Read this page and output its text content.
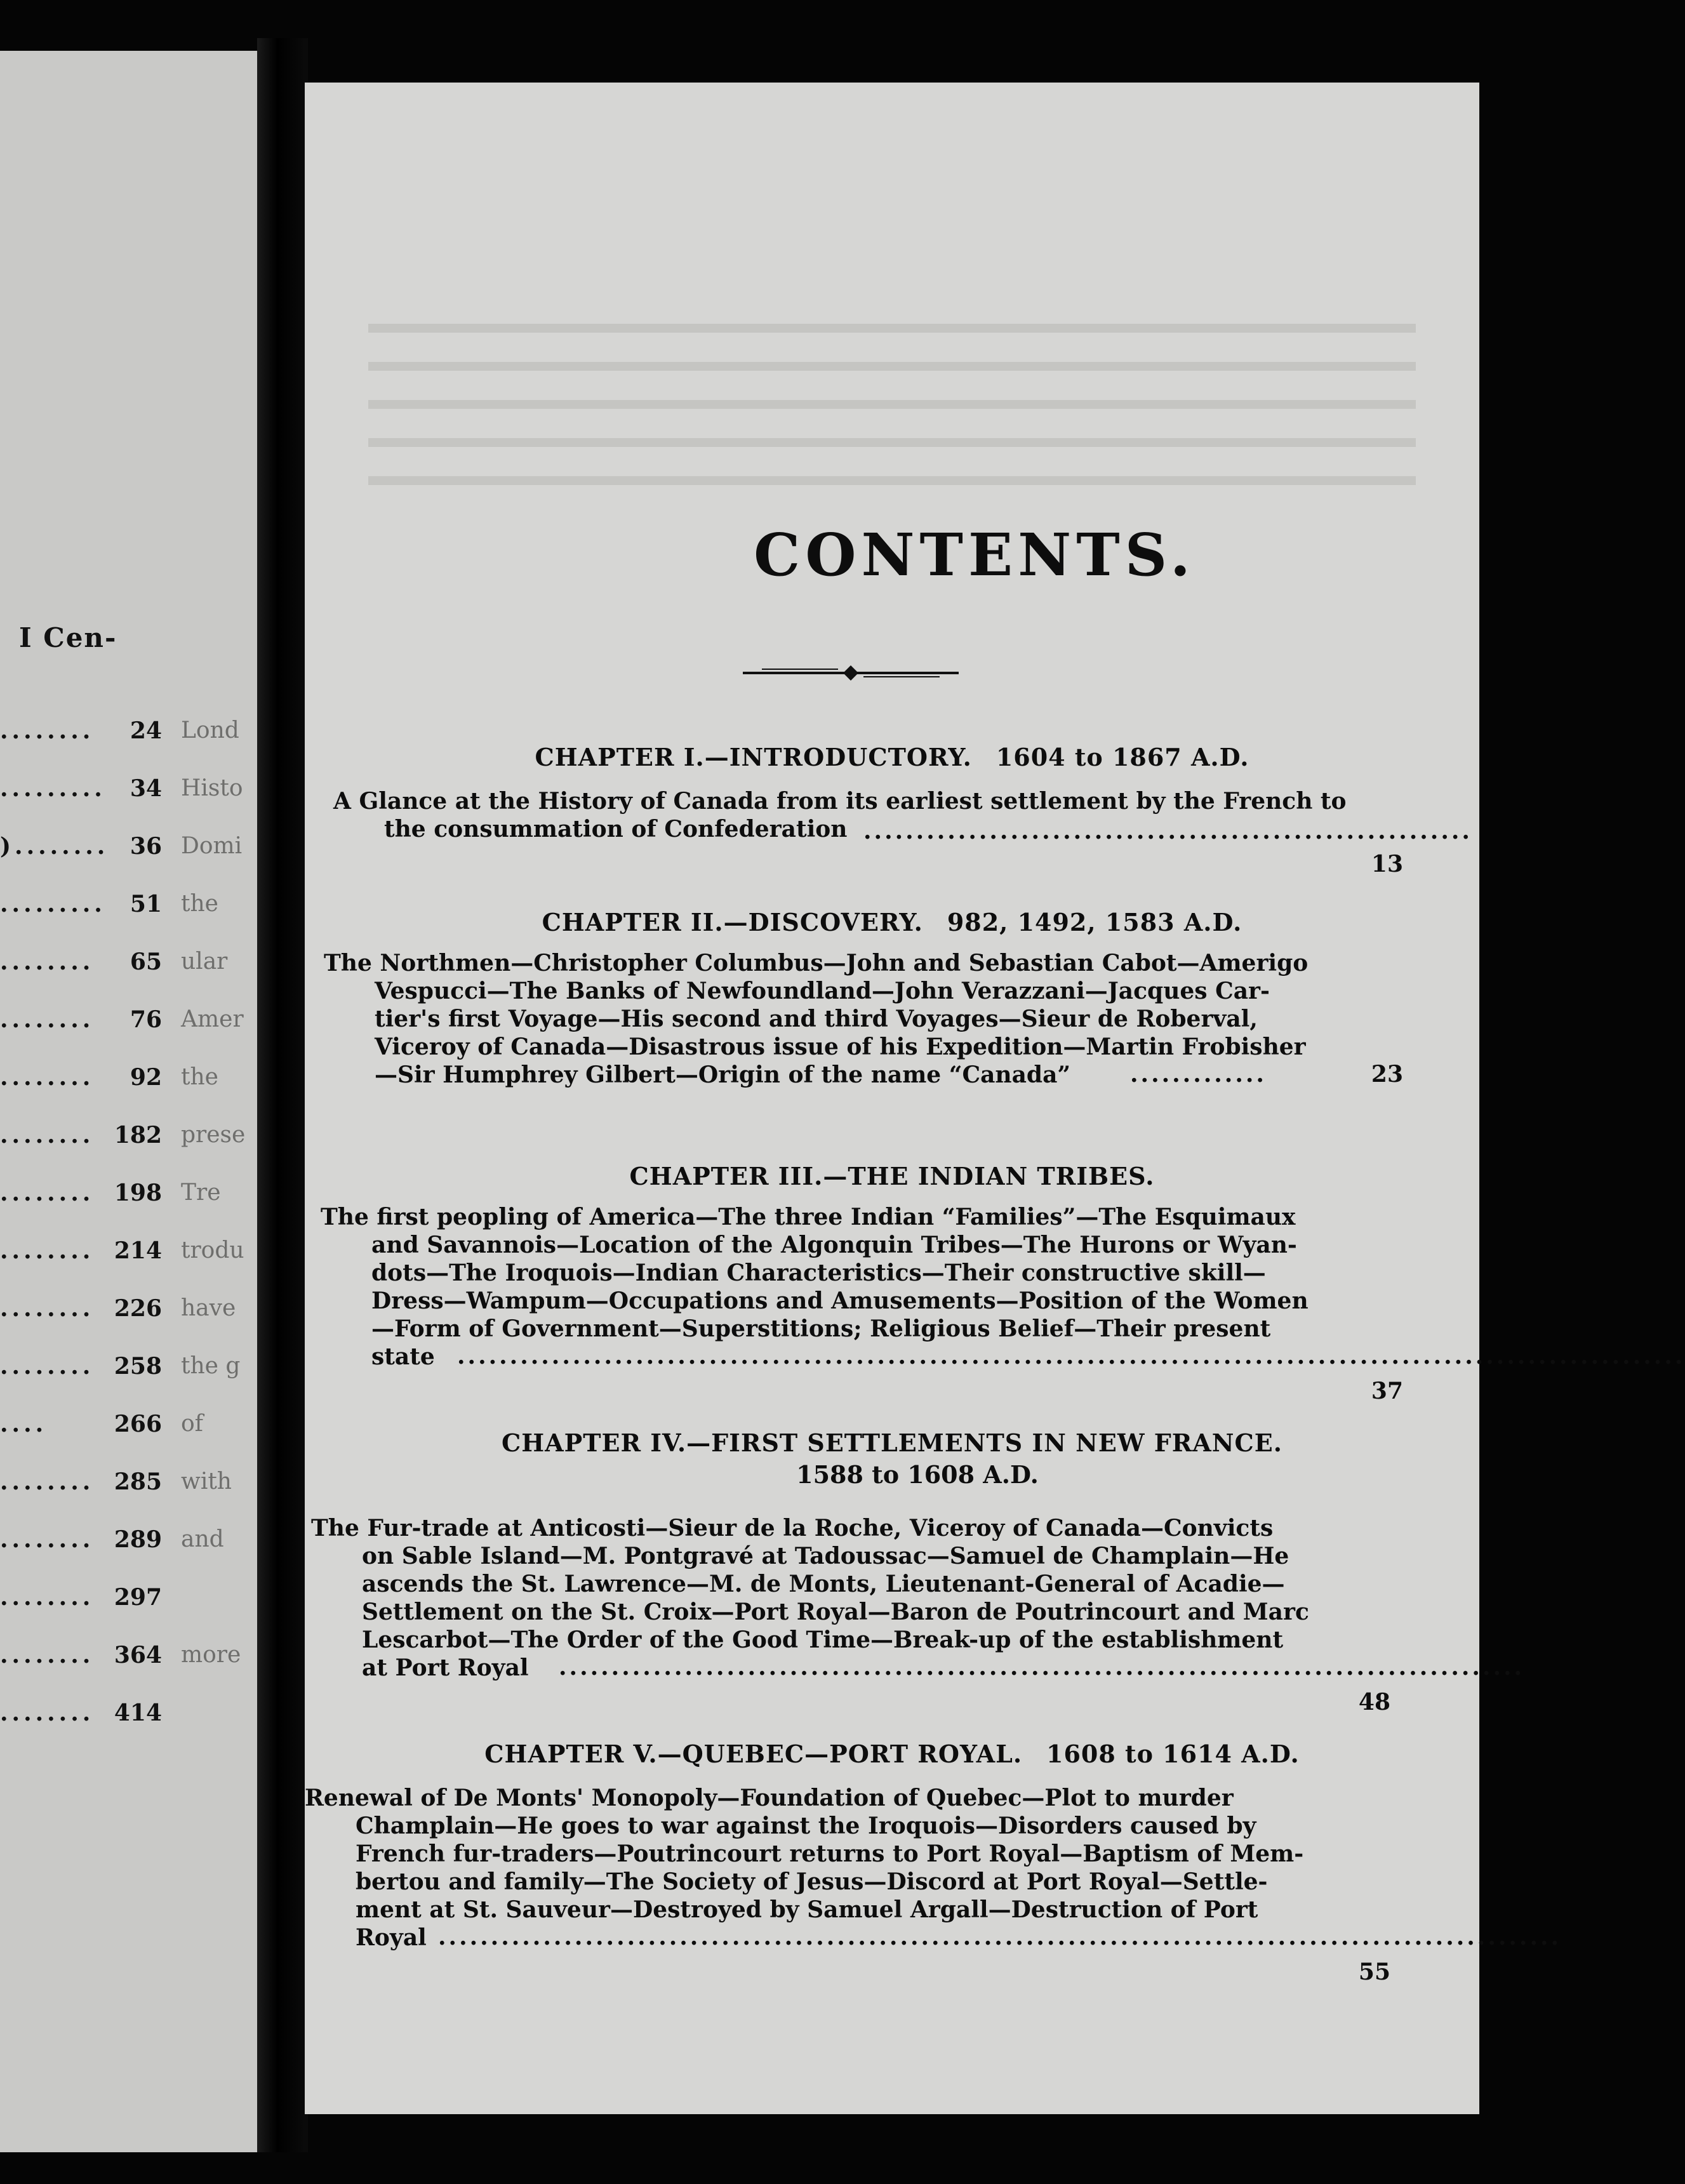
I Cen-
........	24 Lond
.........	34 Histo
)........ 36 Domi
.........	51 the
........	65 ular
........	76 Amer
........	92 the
........ 182 prese
........ 198 Tre
........ 214 trodu
........ 226 have
........ 258 the g
....	266 of
........ 285 with
........ 289 and
........ 297
........ 364 more
........ 414
CONTENTS.
CHAPTER I.—INTRODUCTORY. 1604 to 1867 A.D.
A Glance at the History of Canada from its earliest settlement by the French to
the consummation of Confederation ..........................................................
13
CHAPTER II.—DISCOVERY. 982, 1492, 1583 A.D.
The Northmen—Christopher Columbus—John and Sebastian Cabot—Amerigo
Vespucci—The Banks of Newfoundland—John Verazzani—Jacques Car-
tier's first Voyage—His second and third Voyages—Sieur de Roberval,
Viceroy of Canada—Disastrous issue of his Expedition—Martin Frobisher
—Sir Humphrey Gilbert—Origin of the name “Canada”	.............	23
CHAPTER III.—THE INDIAN TRIBES.
The first peopling of America—The three Indian “Families”—The Esquimaux
and Savannois—Location of the Algonquin Tribes—The Hurons or Wyan-
dots—The Iroquois—Indian Characteristics—Their constructive skill—
Dress—Wampum—Occupations and Amusements—Position of the Women
—Form of Government—Superstitions; Religious Belief—Their present
state .....................................................................................................................
37
CHAPTER IV.—FIRST SETTLEMENTS IN NEW FRANCE.
1588 to 1608 A.D.
The Fur-trade at Anticosti—Sieur de la Roche, Viceroy of Canada—Convicts
on Sable Island—M. Pontgravé at Tadoussac—Samuel de Champlain—He
ascends the St. Lawrence—M. de Monts, Lieutenant-General of Acadie—
Settlement on the St. Croix—Port Royal—Baron de Poutrincourt and Marc
Lescarbot—The Order of the Good Time—Break-up of the establishment
at Port Royal	............................................................................................
48
CHAPTER V.—QUEBEC—PORT ROYAL. 1608 to 1614 A.D.
Renewal of De Monts' Monopoly—Foundation of Quebec—Plot to murder
Champlain—He goes to war against the Iroquois—Disorders caused by
French fur-traders—Poutrincourt returns to Port Royal—Baptism of Mem-
bertou and family—The Society of Jesus—Discord at Port Royal—Settle-
ment at St. Sauveur—Destroyed by Samuel Argall—Destruction of Port
Royal ...........................................................................................................
55
